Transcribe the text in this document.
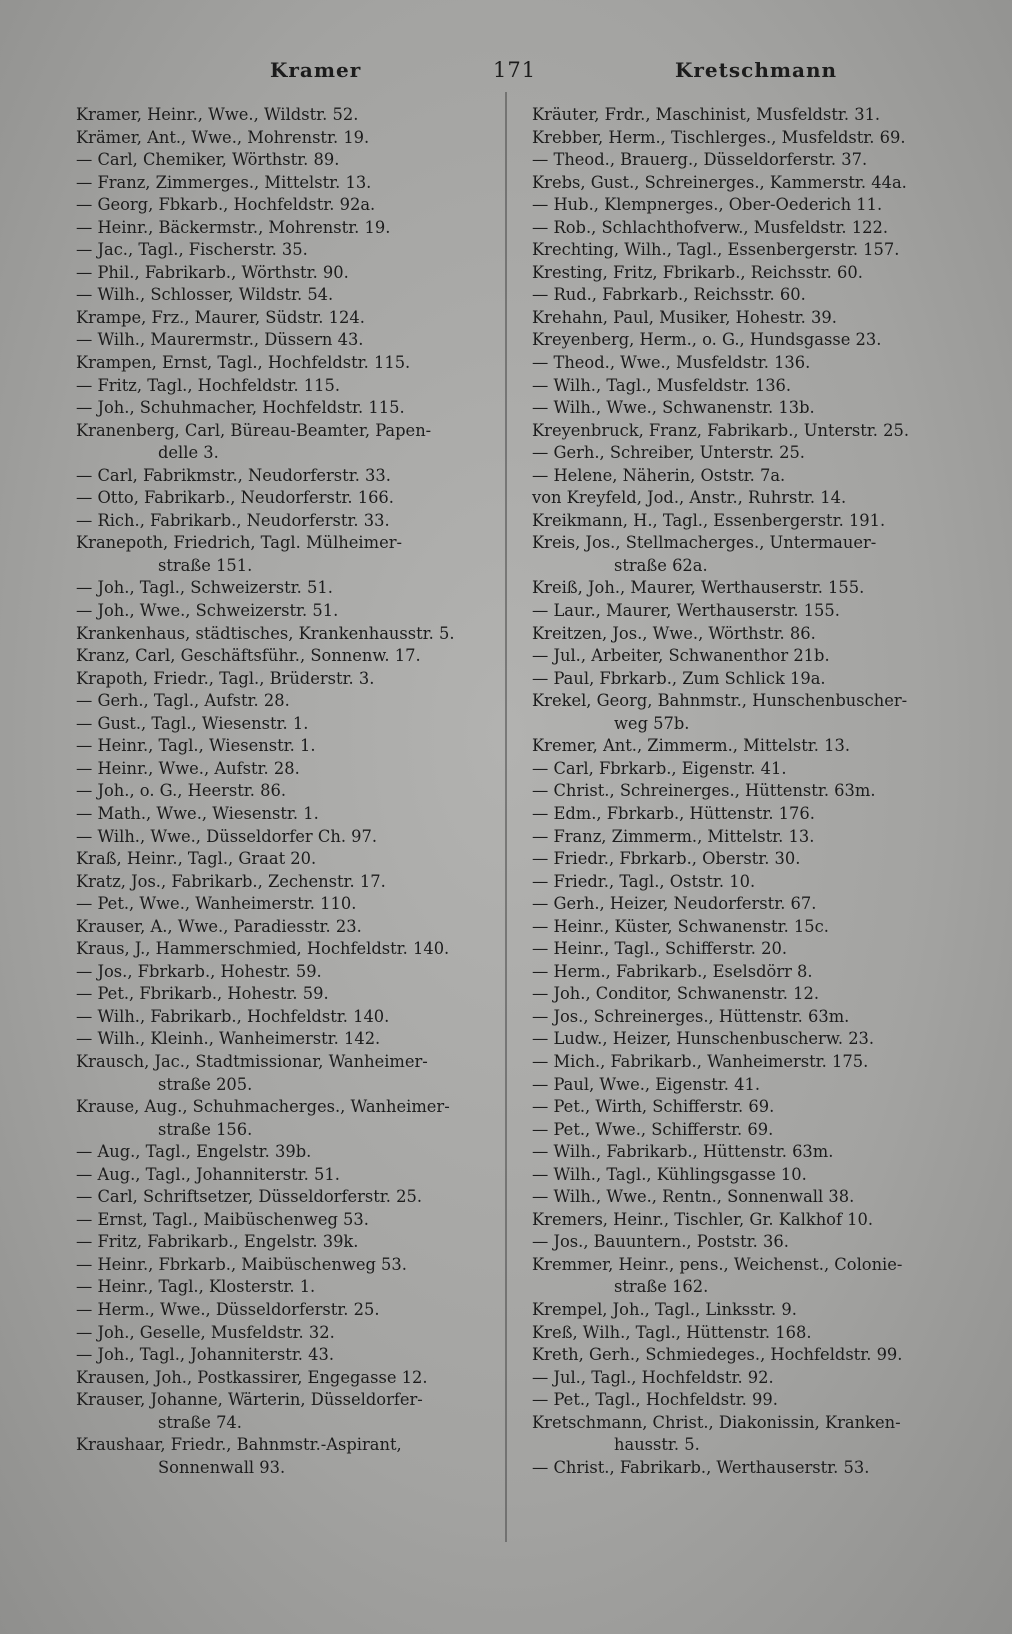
Kramer	171	Kretschmann
Kramer, Heinr., Wwe., Wildstr. 52.
Krämer, Ant., Wwe., Mohrenstr. 19.
— Carl, Chemiker, Wörthstr. 89.
— Franz, Zimmerges., Mittelstr. 13.
— Georg, Fbkarb., Hochfeldstr. 92a.
— Heinr., Bäckermstr., Mohrenstr. 19.
— Jac., Tagl., Fischerstr. 35.
— Phil., Fabrikarb., Wörthstr. 90.
— Wilh., Schlosser, Wildstr. 54.
Krampe, Frz., Maurer, Südstr. 124.
— Wilh., Maurermstr., Düssern 43.
Krampen, Ernst, Tagl., Hochfeldstr. 115.
— Fritz, Tagl., Hochfeldstr. 115.
— Joh., Schuhmacher, Hochfeldstr. 115.
Kranenberg, Carl, Büreau-Beamter, Papen-
delle 3.
— Carl, Fabrikmstr., Neudorferstr. 33.
— Otto, Fabrikarb., Neudorferstr. 166.
— Rich., Fabrikarb., Neudorferstr. 33.
Kranepoth, Friedrich, Tagl. Mülheimer-
straße 151.
— Joh., Tagl., Schweizerstr. 51.
— Joh., Wwe., Schweizerstr. 51.
Krankenhaus, städtisches, Krankenhausstr. 5.
Kranz, Carl, Geschäftsführ., Sonnenw. 17.
Krapoth, Friedr., Tagl., Brüderstr. 3.
— Gerh., Tagl., Aufstr. 28.
— Gust., Tagl., Wiesenstr. 1.
— Heinr., Tagl., Wiesenstr. 1.
— Heinr., Wwe., Aufstr. 28.
— Joh., o. G., Heerstr. 86.
— Math., Wwe., Wiesenstr. 1.
— Wilh., Wwe., Düsseldorfer Ch. 97.
Kraß, Heinr., Tagl., Graat 20.
Kratz, Jos., Fabrikarb., Zechenstr. 17.
— Pet., Wwe., Wanheimerstr. 110.
Krauser, A., Wwe., Paradiesstr. 23.
Kraus, J., Hammerschmied, Hochfeldstr. 140.
— Jos., Fbrkarb., Hohestr. 59.
— Pet., Fbrikarb., Hohestr. 59.
— Wilh., Fabrikarb., Hochfeldstr. 140.
— Wilh., Kleinh., Wanheimerstr. 142.
Krausch, Jac., Stadtmissionar, Wanheimer-
straße 205.
Krause, Aug., Schuhmacherges., Wanheimer-
straße 156.
— Aug., Tagl., Engelstr. 39b.
— Aug., Tagl., Johanniterstr. 51.
— Carl, Schriftsetzer, Düsseldorferstr. 25.
— Ernst, Tagl., Maibüschenweg 53.
— Fritz, Fabrikarb., Engelstr. 39k.
— Heinr., Fbrkarb., Maibüschenweg 53.
— Heinr., Tagl., Klosterstr. 1.
— Herm., Wwe., Düsseldorferstr. 25.
— Joh., Geselle, Musfeldstr. 32.
— Joh., Tagl., Johanniterstr. 43.
Krausen, Joh., Postkassirer, Engegasse 12.
Krauser, Johanne, Wärterin, Düsseldorfer-
straße 74.
Kraushaar, Friedr., Bahnmstr.-Aspirant,
Sonnenwall 93.
Kräuter, Frdr., Maschinist, Musfeldstr. 31.
Krebber, Herm., Tischlerges., Musfeldstr. 69.
— Theod., Brauerg., Düsseldorferstr. 37.
Krebs, Gust., Schreinerges., Kammerstr. 44a.
— Hub., Klempnerges., Ober-Oederich 11.
— Rob., Schlachthofverw., Musfeldstr. 122.
Krechting, Wilh., Tagl., Essenbergerstr. 157.
Kresting, Fritz, Fbrikarb., Reichsstr. 60.
— Rud., Fabrkarb., Reichsstr. 60.
Krehahn, Paul, Musiker, Hohestr. 39.
Kreyenberg, Herm., o. G., Hundsgasse 23.
— Theod., Wwe., Musfeldstr. 136.
— Wilh., Tagl., Musfeldstr. 136.
— Wilh., Wwe., Schwanenstr. 13b.
Kreyenbruck, Franz, Fabrikarb., Unterstr. 25.
— Gerh., Schreiber, Unterstr. 25.
— Helene, Näherin, Oststr. 7a.
von Kreyfeld, Jod., Anstr., Ruhrstr. 14.
Kreikmann, H., Tagl., Essenbergerstr. 191.
Kreis, Jos., Stellmacherges., Untermauer-
straße 62a.
Kreiß, Joh., Maurer, Werthauserstr. 155.
— Laur., Maurer, Werthauserstr. 155.
Kreitzen, Jos., Wwe., Wörthstr. 86.
— Jul., Arbeiter, Schwanenthor 21b.
— Paul, Fbrkarb., Zum Schlick 19a.
Krekel, Georg, Bahnmstr., Hunschenbuscher-
weg 57b.
Kremer, Ant., Zimmerm., Mittelstr. 13.
— Carl, Fbrkarb., Eigenstr. 41.
— Christ., Schreinerges., Hüttenstr. 63m.
— Edm., Fbrkarb., Hüttenstr. 176.
— Franz, Zimmerm., Mittelstr. 13.
— Friedr., Fbrkarb., Oberstr. 30.
— Friedr., Tagl., Oststr. 10.
— Gerh., Heizer, Neudorferstr. 67.
— Heinr., Küster, Schwanenstr. 15c.
— Heinr., Tagl., Schifferstr. 20.
— Herm., Fabrikarb., Eselsdörr 8.
— Joh., Conditor, Schwanenstr. 12.
— Jos., Schreinerges., Hüttenstr. 63m.
— Ludw., Heizer, Hunschenbuscherw. 23.
— Mich., Fabrikarb., Wanheimerstr. 175.
— Paul, Wwe., Eigenstr. 41.
— Pet., Wirth, Schifferstr. 69.
— Pet., Wwe., Schifferstr. 69.
— Wilh., Fabrikarb., Hüttenstr. 63m.
— Wilh., Tagl., Kühlingsgasse 10.
— Wilh., Wwe., Rentn., Sonnenwall 38.
Kremers, Heinr., Tischler, Gr. Kalkhof 10.
— Jos., Bauuntern., Poststr. 36.
Kremmer, Heinr., pens., Weichenst., Colonie-
straße 162.
Krempel, Joh., Tagl., Linksstr. 9.
Kreß, Wilh., Tagl., Hüttenstr. 168.
Kreth, Gerh., Schmiedeges., Hochfeldstr. 99.
— Jul., Tagl., Hochfeldstr. 92.
— Pet., Tagl., Hochfeldstr. 99.
Kretschmann, Christ., Diakonissin, Kranken-
hausstr. 5.
— Christ., Fabrikarb., Werthauserstr. 53.
